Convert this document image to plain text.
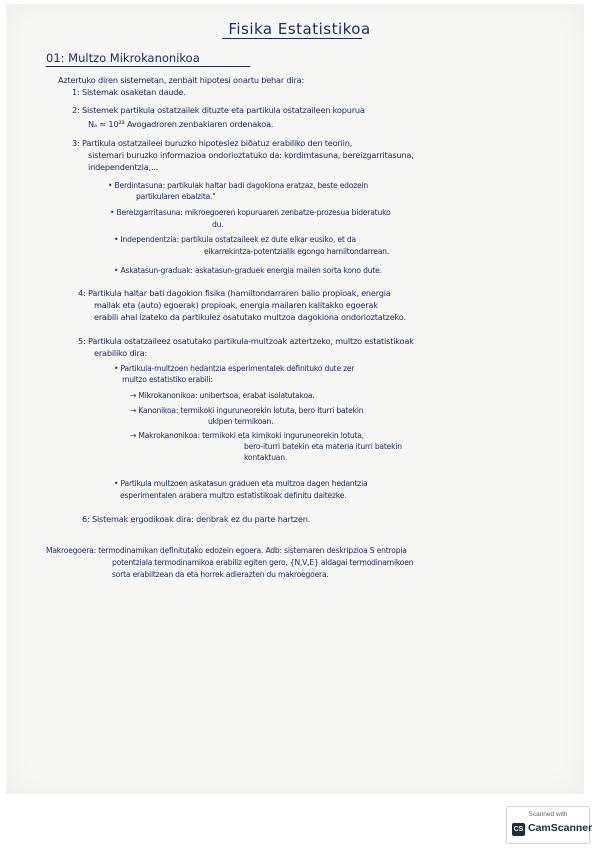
Fisika Estatistikoa
01: Multzo Mikrokanonikoa
Aztertuko diren sistemetan, zenbait hipotesi onartu behar dira:
1: Sistemak osaketan daude.
2: Sistemek partikula ostatzailek dituzte eta partikula ostatzaileen kopurua
Nₐ ≈ 10²³ Avogadroren zenbakiaren ordenakoa.
3: Partikula ostatzaileei buruzko hipotesiez biðatuz erabiliko den teoriin,
sistemari buruzko informazioa ondorioztatuko da: kordimtasuna, bereizgarritasuna,
independentzia,...
• Berdintasuna: partikulak haltar badi dagokiona eratzaz, beste edozein
partikularen ebalzita."
• Bereizgarritasuna: mikroegoeren kopuruaren zenbatze-prozesua bideratuko
du.
• Independentzia: partikula ostatzaileek ez dute elkar eusiko, et da
elkarrekintza-potentzialik egongo hamiltondarrean.
• Askatasun-graduak: askatasun-graduek energia mailen sorta kono dute.
4: Partikula haltar bati dagokion fisika (hamiltondarraren balio propioak, energia
mailak eta (auto) egoerak) propioak, energia mailaren kalitakko egoerak
erabili ahal izateko da partikulez osatutako multzoa dagokiona ondorioztatzeko.
5: Partikula ostatzaileez osatutako partikula-multzoak aztertzeko, multzo estatistikoak
erabiliko dira:
• Partikula-multzoen hedantzia esperimentalek definituko dute zer
multzo estatistiko erabili:
→ Mikrokanonikoa: unibertsoa, erabat isolatutakoa.
→ Kanonikoa: termikoki inguruneorekin lotuta, bero iturri batekin
ukipen termikoan.
→ Makrokanonikoa: termikoki eta kimikoki inguruneorekin lotuta,
bero-iturri batekin eta materia iturri batekin
kontaktuan.
• Partikula multzoen askatasun graduen eta multzoa dagen hedantzia
esperimentalen arabera multzo estatistikoak definitu daitezke.
6: Sistemak ergodikoak dira: denbrak ez du parte hartzen.
Makroegoera: termodinamikan definitutako edozein egoera. Adb: sistemaren deskripzioa S entropia
potentziala termodinamikoa erabiliz egiten gero, {N,V,E} aldagai termodinamikoen
sorta erabiltzean da eta horrek adierazten du makroegoera.
Scanned with
CS CamScanner
